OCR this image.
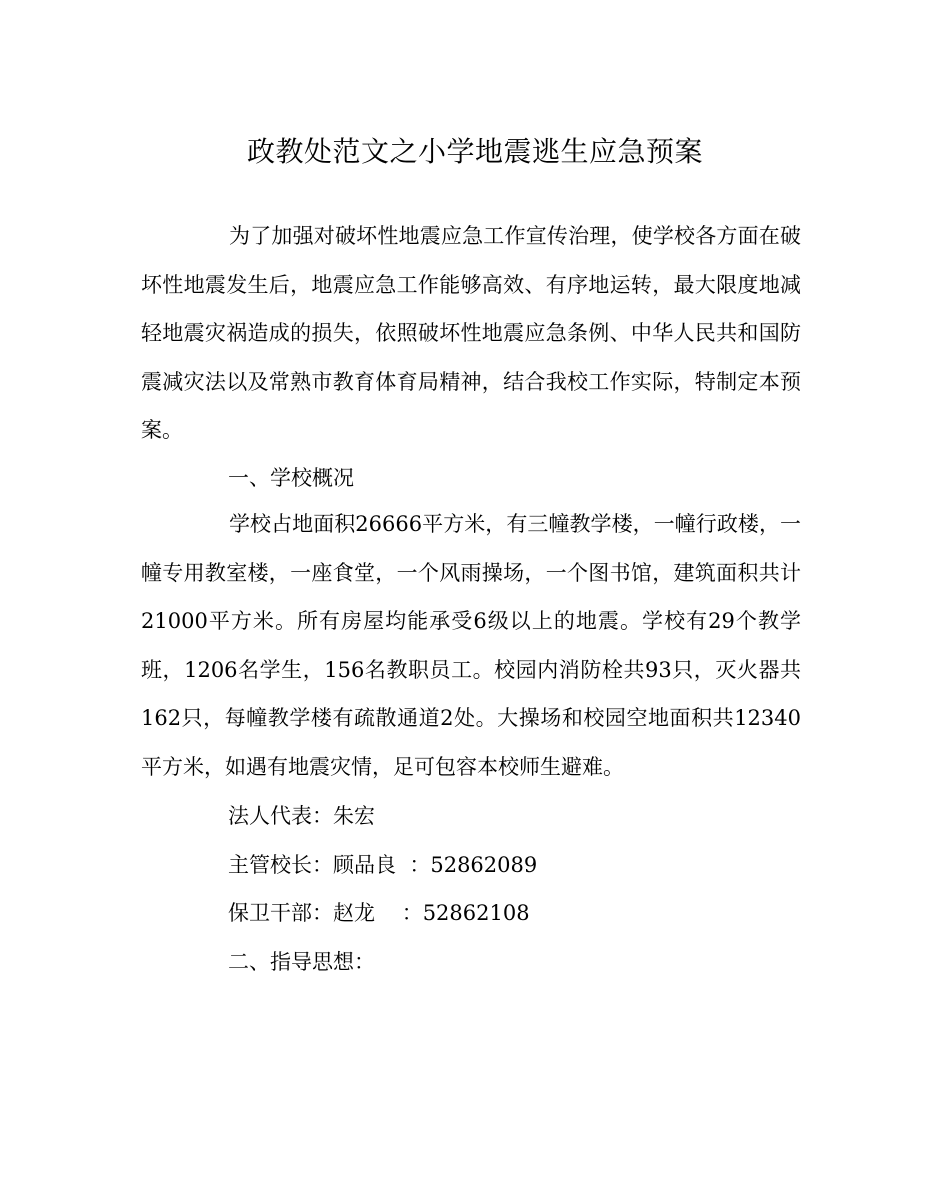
政教处范文之小学地震逃生应急预案

为了加强对破坏性地震应急工作宣传治理，使学校各方面在破坏性地震发生后，地震应急工作能够高效、有序地运转，最大限度地减轻地震灾祸造成的损失，依照破坏性地震应急条例、中华人民共和国防震减灾法以及常熟市教育体育局精神，结合我校工作实际，特制定本预案。

一、学校概况

学校占地面积26666平方米，有三幢教学楼，一幢行政楼，一幢专用教室楼，一座食堂，一个风雨操场，一个图书馆，建筑面积共计21000平方米。所有房屋均能承受6级以上的地震。学校有29个教学班，1206名学生，156名教职员工。校园内消防栓共93只，灭火器共162只，每幢教学楼有疏散通道2处。大操场和校园空地面积共12340平方米，如遇有地震灾情，足可包容本校师生避难。

法人代表：朱宏
主管校长：顾品良  ：52862089
保卫干部：赵龙    ：52862108
二、指导思想：
